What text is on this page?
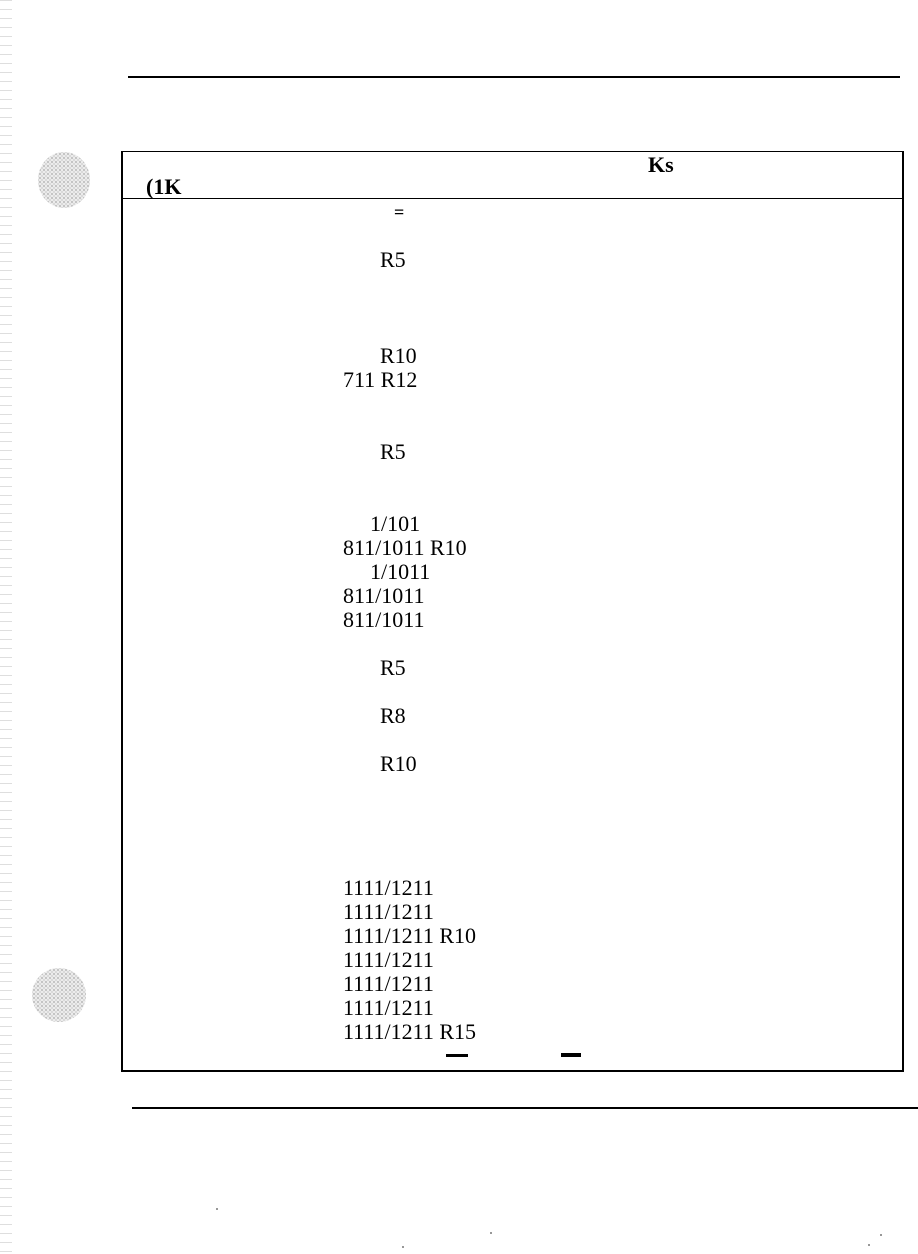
(1K
Ks
=
R5
R10
711 R12
R5
1/101
811/1011 R10
1/1011
811/1011
811/1011
R5
R8
R10
1111/1211
1111/1211
1111/1211 R10
1111/1211
1111/1211
1111/1211
1111/1211 R15
